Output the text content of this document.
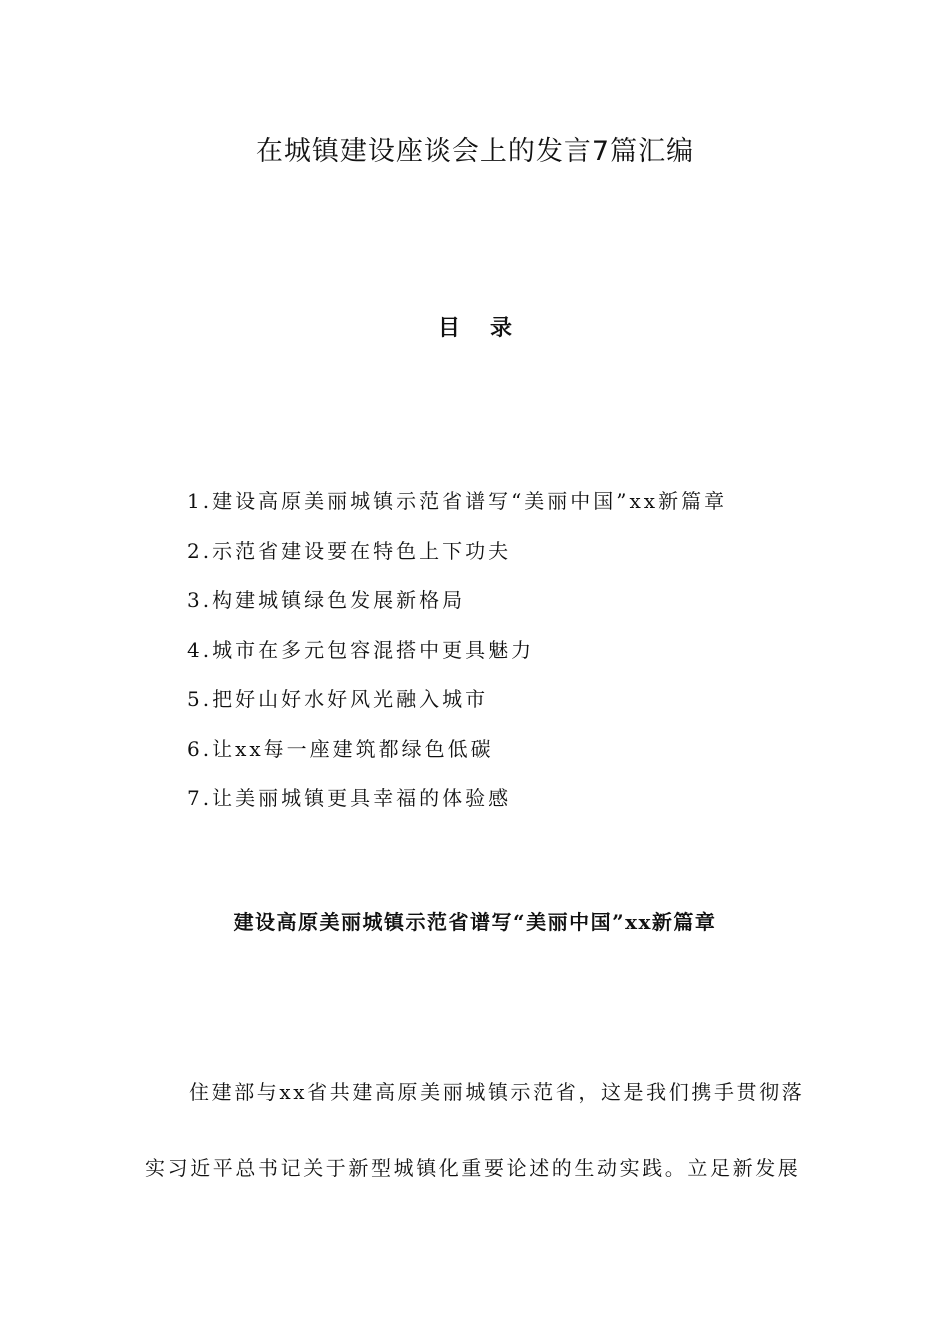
在城镇建设座谈会上的发言7篇汇编
目录
1.建设高原美丽城镇示范省谱写“美丽中国”xx新篇章
2.示范省建设要在特色上下功夫
3.构建城镇绿色发展新格局
4.城市在多元包容混搭中更具魅力
5.把好山好水好风光融入城市
6.让xx每一座建筑都绿色低碳
7.让美丽城镇更具幸福的体验感
建设高原美丽城镇示范省谱写“美丽中国”xx新篇章
住建部与xx省共建高原美丽城镇示范省，这是我们携手贯彻落
实习近平总书记关于新型城镇化重要论述的生动实践。立足新发展
